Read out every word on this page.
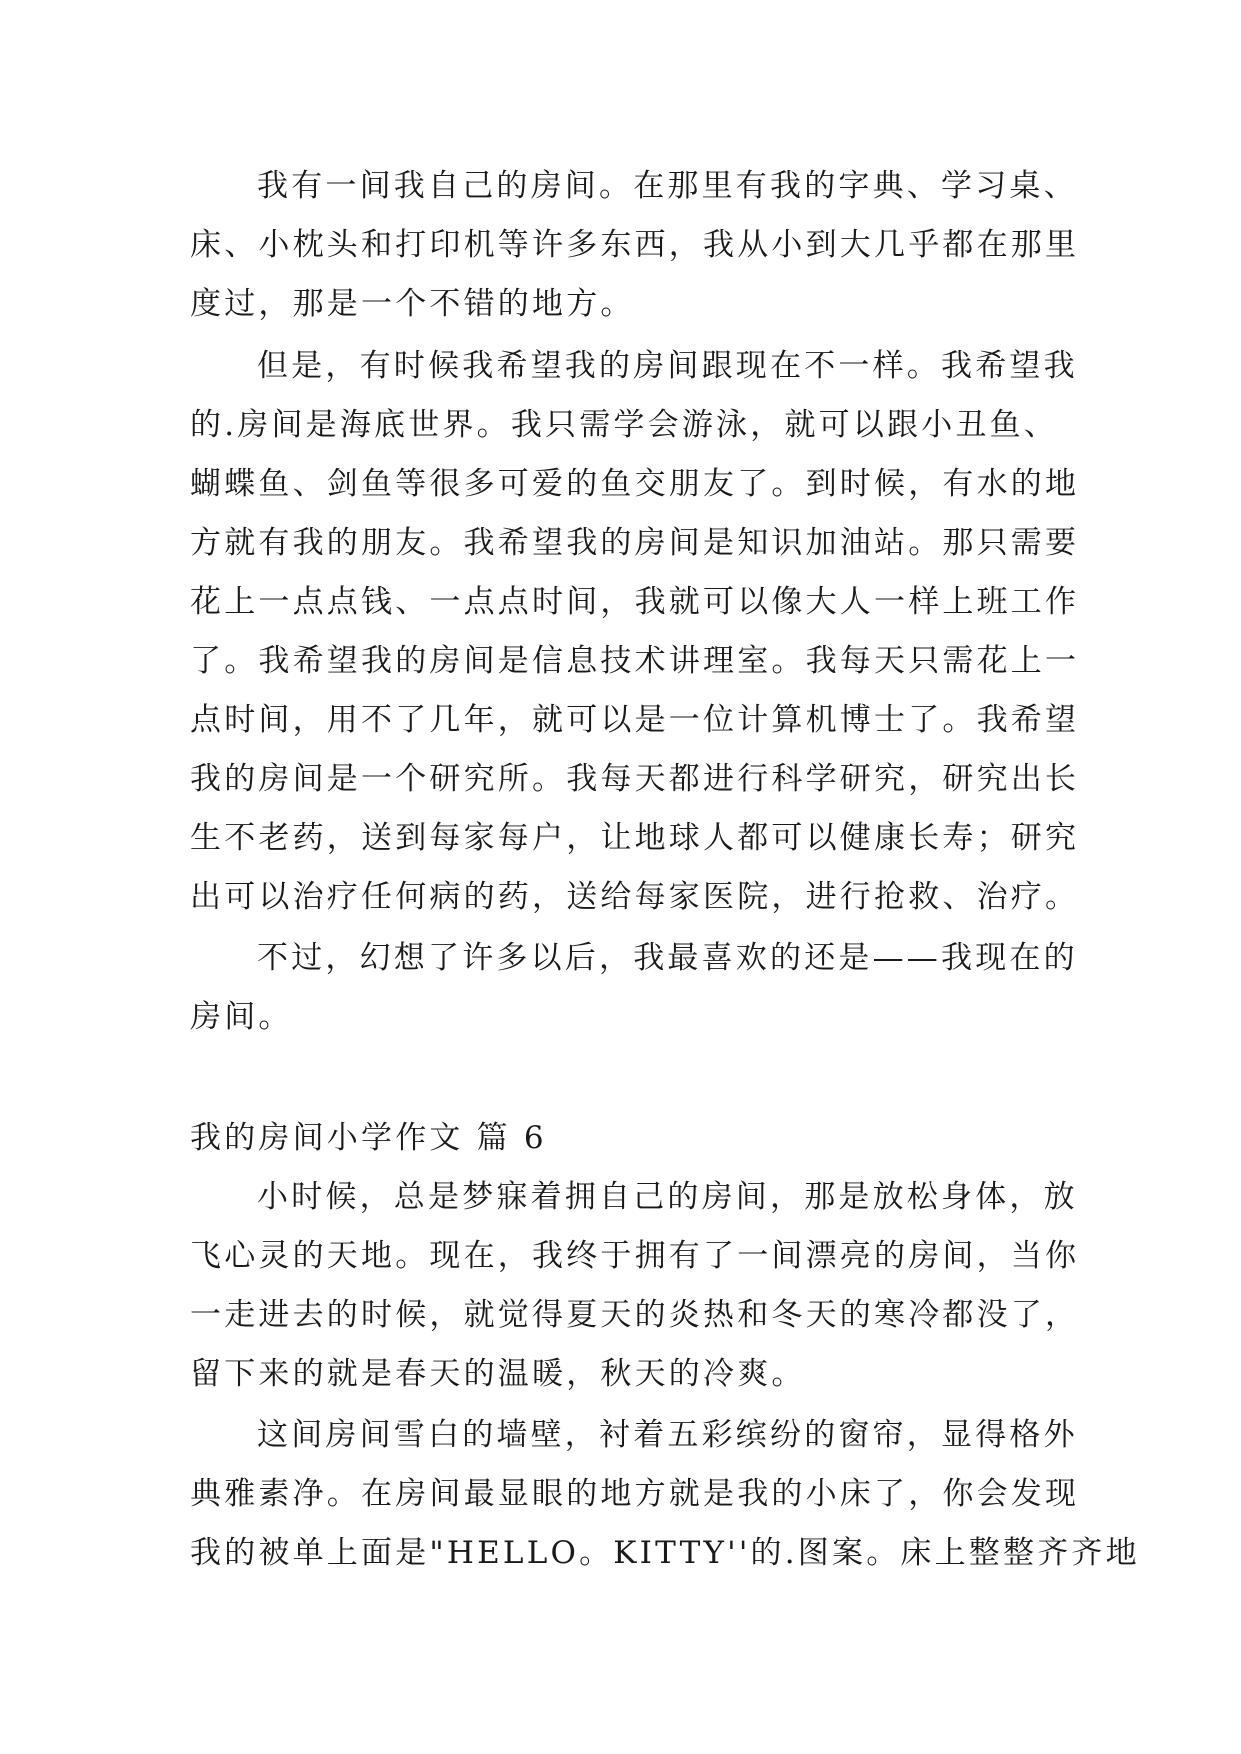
我有一间我自己的房间。在那里有我的字典、学习桌、
床、小枕头和打印机等许多东西，我从小到大几乎都在那里
度过，那是一个不错的地方。
但是，有时候我希望我的房间跟现在不一样。我希望我
的.房间是海底世界。我只需学会游泳，就可以跟小丑鱼、
蝴蝶鱼、剑鱼等很多可爱的鱼交朋友了。到时候，有水的地
方就有我的朋友。我希望我的房间是知识加油站。那只需要
花上一点点钱、一点点时间，我就可以像大人一样上班工作
了。我希望我的房间是信息技术讲理室。我每天只需花上一
点时间，用不了几年，就可以是一位计算机博士了。我希望
我的房间是一个研究所。我每天都进行科学研究，研究出长
生不老药，送到每家每户，让地球人都可以健康长寿；研究
出可以治疗任何病的药，送给每家医院，进行抢救、治疗。
不过，幻想了许多以后，我最喜欢的还是——我现在的
房间。
我的房间小学作文 篇 6
小时候，总是梦寐着拥自己的房间，那是放松身体，放
飞心灵的天地。现在，我终于拥有了一间漂亮的房间，当你
一走进去的时候，就觉得夏天的炎热和冬天的寒冷都没了，
留下来的就是春天的温暖，秋天的冷爽。
这间房间雪白的墙壁，衬着五彩缤纷的窗帘，显得格外
典雅素净。在房间最显眼的地方就是我的小床了，你会发现
我的被单上面是"HELLO。KITTY''的.图案。床上整整齐齐地
